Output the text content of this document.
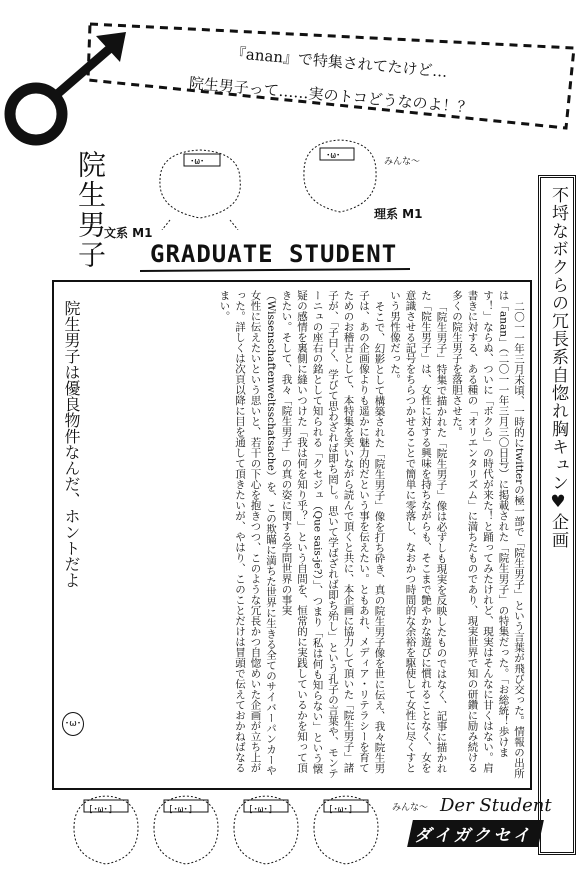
『anan』で特集されてたけど…
院生男子って‥‥‥実のトコどうなのよ！？
院生男子	･ω･
･ω･
みんな〜
文系 M1
理系 M1
GRADUATE STUDENT	不埒なボクらの冗長系自惚れ胸キュン♥企画

二〇一一年三月末頃、一時的にtwitterの極一部で「院生男子」という言葉が飛び交った。情報の出所は「anan」（二〇一一年三月三〇日号）に掲載された「院生男子」の特集だった。「お総統！歩けます！」ならぬ、ついに「ボクら」の時代が来た！と踊ってみたけれど、現実はそんなに甘くはない。肩書きに対する、ある種の「オリエンタリズム」に満ちたものであり、現実世界で知の研鑽に励み続ける多くの院生男子を落胆させた。

「院生男子」特集で描かれた「院生男子」像は必ずしも現実を反映したものではなく、記事に描かれた「院生男子」は、女性に対する興味を持ちながらも、そこまで艶やかな遊びに慣れることなく、女を意識させる記号をちらつかせることで簡単に零落し、なおかつ時間的な余裕を駆使して女性に尽くすという男性像だった。

そこで、幻影として構築された「院生男子」像を打ち砕き、真の院生男子像を世に伝え、我々院生男子は、あの企画像よりも遥かに魅力的だという事を伝えたい。ともあれ、メディア・リテラシーを育てためのお稽古として、本特集を笑いながら読んで頂くと共に、本企画に協力して頂いた「院生男子」諸子が、「子曰く、学びて思わざれば即ち罔し。思いて学ばざれば即ち殆し」という孔子の言葉や、モンテーニュの座右の銘として知られる「クセジュ（Que sais-je?）」、つまり「私は何も知らない」という懐疑の感情を裏側に縫いつけた「我は何を知り乎？」という自問を、恒常的に実践しているかを知って頂きたい。そして、我々「院生男子」の真の姿に関する学問世界の事実（Wissenschaftenweltsschatsache）を、この欺瞞に満ちた世界に生きる全てのサイバーパンカーや女性に伝えたいという思いと、若干の下心を抱きつつ、このような冗長かつ自惚めいた企画が立ち上がった。詳しくは次頁以降に目を通して頂きたいが、やはり、このことだけは冒頭で伝えておかねばなるまい。

院生男子は優良物件なんだ、ホントだよ
･ω･
[･ω･]	[･ω･]	[･ω･]	[･ω･]	みんな〜 Der Student
ダイガクセイ
